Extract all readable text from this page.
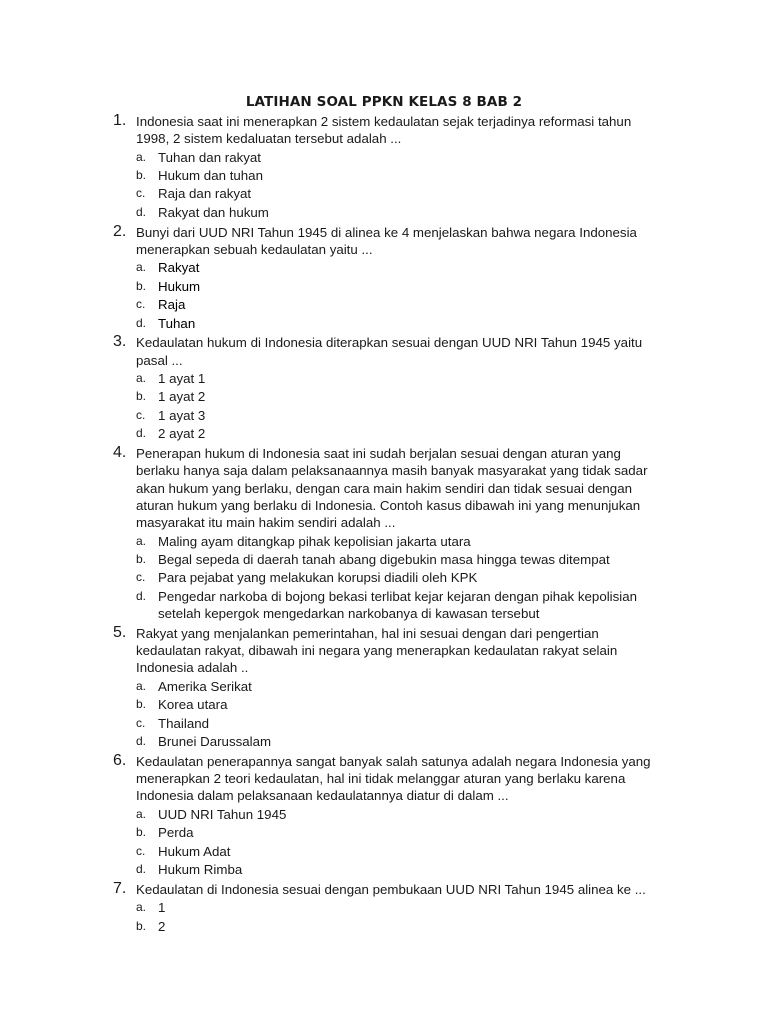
LATIHAN SOAL PPKN KELAS 8 BAB 2
1. Indonesia saat ini menerapkan 2 sistem kedaulatan sejak terjadinya reformasi tahun 1998, 2 sistem kedaluatan tersebut adalah ...

a. Tuhan dan rakyat
b. Hukum dan tuhan
c. Raja dan rakyat
d. Rakyat dan hukum
2. Bunyi dari UUD NRI Tahun 1945 di alinea ke 4 menjelaskan bahwa negara Indonesia menerapkan sebuah kedaulatan yaitu ...

a. Rakyat
b. Hukum
c. Raja
d. Tuhan
3. Kedaulatan hukum di Indonesia diterapkan sesuai dengan UUD NRI Tahun 1945 yaitu pasal ...

a. 1 ayat 1
b. 1 ayat 2
c. 1 ayat 3
d. 2 ayat 2
4. Penerapan hukum di Indonesia saat ini sudah berjalan sesuai dengan aturan yang berlaku hanya saja dalam pelaksanaannya masih banyak masyarakat yang tidak sadar akan hukum yang berlaku, dengan cara main hakim sendiri dan tidak sesuai dengan aturan hukum yang berlaku di Indonesia. Contoh kasus dibawah ini yang menunjukan masyarakat itu main hakim sendiri adalah ...

a. Maling ayam ditangkap pihak kepolisian jakarta utara
b. Begal sepeda di daerah tanah abang digebukin masa hingga tewas ditempat
c. Para pejabat yang melakukan korupsi diadili oleh KPK
d. Pengedar narkoba di bojong bekasi terlibat kejar kejaran dengan pihak kepolisian setelah kepergok mengedarkan narkobanya di kawasan tersebut
5. Rakyat yang menjalankan pemerintahan, hal ini sesuai dengan dari pengertian kedaulatan rakyat, dibawah ini negara yang menerapkan kedaulatan rakyat selain Indonesia adalah ..

a. Amerika Serikat
b. Korea utara
c. Thailand
d. Brunei Darussalam
6. Kedaulatan penerapannya sangat banyak salah satunya adalah negara Indonesia yang menerapkan 2 teori kedaulatan, hal ini tidak melanggar aturan yang berlaku karena Indonesia dalam pelaksanaan kedaulatannya diatur di dalam ...

a. UUD NRI Tahun 1945
b. Perda
c. Hukum Adat
d. Hukum Rimba
7. Kedaulatan di Indonesia sesuai dengan pembukaan UUD NRI Tahun 1945 alinea ke ...

a. 1
b. 2
